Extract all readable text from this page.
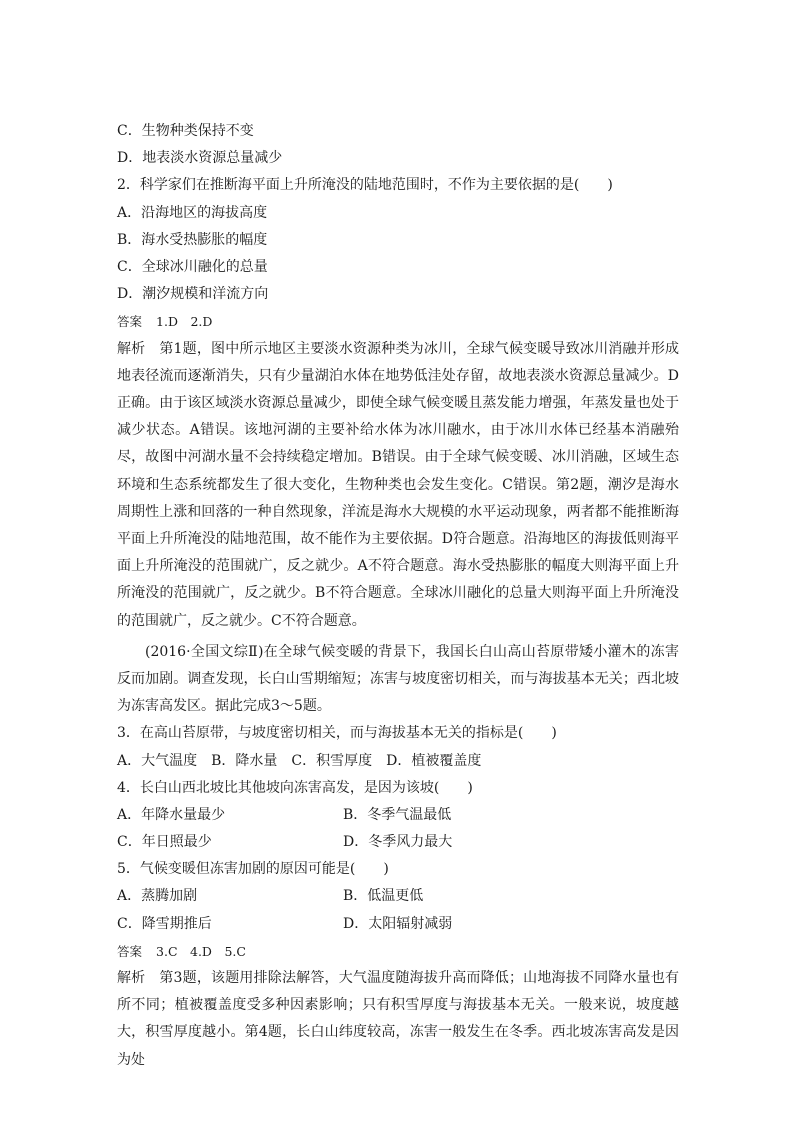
C．生物种类保持不变
D．地表淡水资源总量减少
2．科学家们在推断海平面上升所淹没的陆地范围时，不作为主要依据的是(　　)
A．沿海地区的海拔高度
B．海水受热膨胀的幅度
C．全球冰川融化的总量
D．潮汐规模和洋流方向
答案 1.D　2.D
解析 第1题，图中所示地区主要淡水资源种类为冰川，全球气候变暖导致冰川消融并形成地表径流而逐渐消失，只有少量湖泊水体在地势低洼处存留，故地表淡水资源总量减少。D正确。由于该区域淡水资源总量减少，即使全球气候变暖且蒸发能力增强，年蒸发量也处于减少状态。A错误。该地河湖的主要补给水体为冰川融水，由于冰川水体已经基本消融殆尽，故图中河湖水量不会持续稳定增加。B错误。由于全球气候变暖、冰川消融，区域生态环境和生态系统都发生了很大变化，生物种类也会发生变化。C错误。第2题，潮汐是海水周期性上涨和回落的一种自然现象，洋流是海水大规模的水平运动现象，两者都不能推断海平面上升所淹没的陆地范围，故不能作为主要依据。D符合题意。沿海地区的海拔低则海平面上升所淹没的范围就广，反之就少。A不符合题意。海水受热膨胀的幅度大则海平面上升所淹没的范围就广，反之就少。B不符合题意。全球冰川融化的总量大则海平面上升所淹没的范围就广，反之就少。C不符合题意。
(2016·全国文综Ⅱ)在全球气候变暖的背景下，我国长白山高山苔原带矮小灌木的冻害反而加剧。调查发现，长白山雪期缩短；冻害与坡度密切相关，而与海拔基本无关；西北坡为冻害高发区。据此完成3～5题。
3．在高山苔原带，与坡度密切相关，而与海拔基本无关的指标是(　　)
A．大气温度　B．降水量　C．积雪厚度　D．植被覆盖度
4．长白山西北坡比其他坡向冻害高发，是因为该坡(　　)
A．年降水量最少	B．冬季气温最低
C．年日照最少	D．冬季风力最大
5．气候变暖但冻害加剧的原因可能是(　　)
A．蒸腾加剧	B．低温更低
C．降雪期推后	D．太阳辐射减弱
答案 3.C　4.D　5.C
解析 第3题，该题用排除法解答，大气温度随海拔升高而降低；山地海拔不同降水量也有所不同；植被覆盖度受多种因素影响；只有积雪厚度与海拔基本无关。一般来说，坡度越大，积雪厚度越小。第4题，长白山纬度较高，冻害一般发生在冬季。西北坡冻害高发是因为处
